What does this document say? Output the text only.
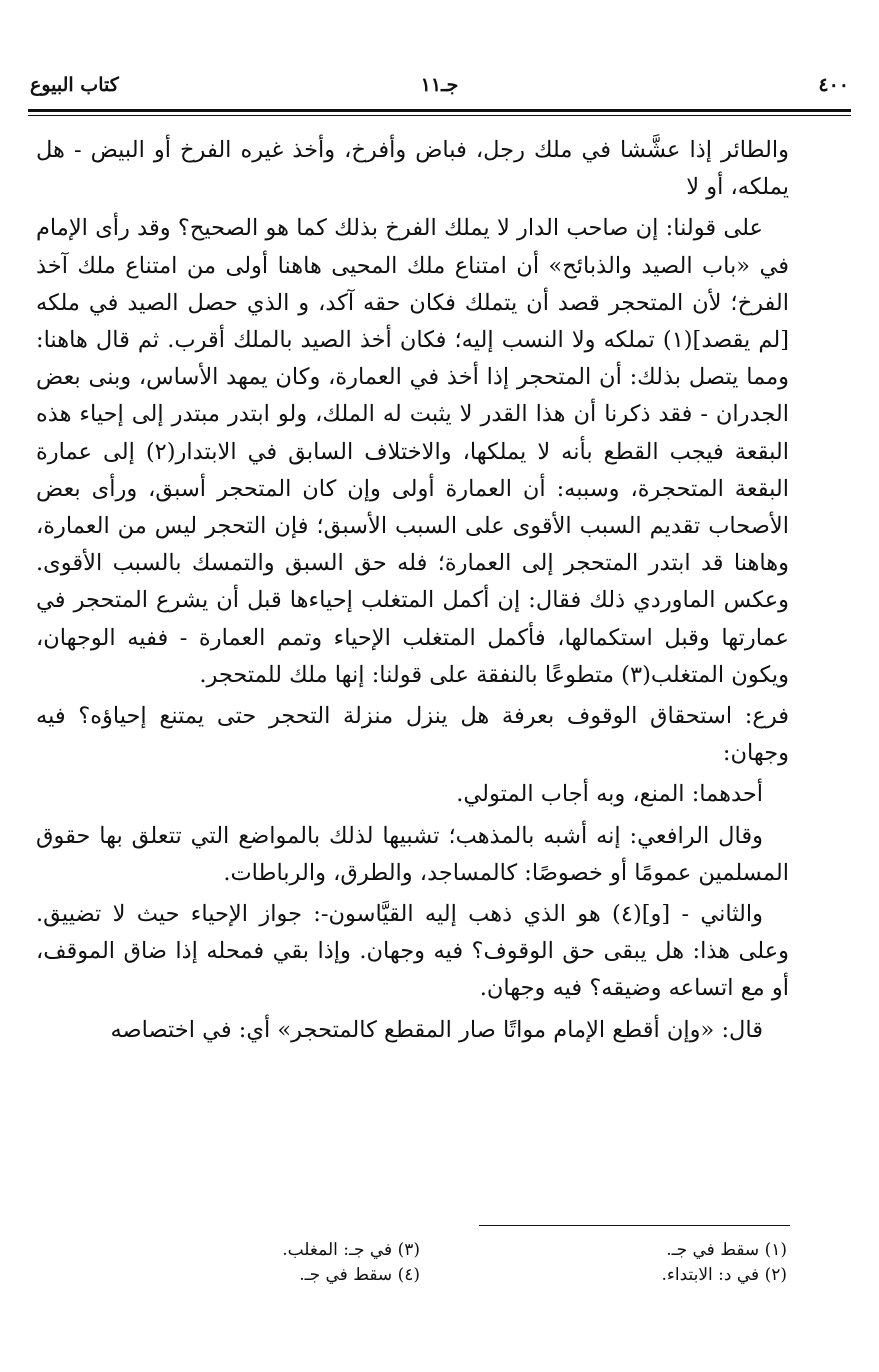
٤٠٠
جـ١١
كتاب البيوع

والطائر إذا عشَّشا في ملك رجل، فباض وأفرخ، وأخذ غيره الفرخ أو البيض - هل يملكه، أو لا

على قولنا: إن صاحب الدار لا يملك الفرخ بذلك كما هو الصحيح؟ وقد رأى الإمام في «باب الصيد والذبائح» أن امتناع ملك المحيى هاهنا أولى من امتناع ملك آخذ الفرخ؛ لأن المتحجر قصد أن يتملك فكان حقه آكد، و الذي حصل الصيد في ملكه [لم يقصد](١) تملكه ولا النسب إليه؛ فكان أخذ الصيد بالملك أقرب. ثم قال هاهنا: ومما يتصل بذلك: أن المتحجر إذا أخذ في العمارة، وكان يمهد الأساس، وبنى بعض الجدران - فقد ذكرنا أن هذا القدر لا يثبت له الملك، ولو ابتدر مبتدر إلى إحياء هذه البقعة فيجب القطع بأنه لا يملكها، والاختلاف السابق في الابتدار(٢) إلى عمارة البقعة المتحجرة، وسببه: أن العمارة أولى وإن كان المتحجر أسبق، ورأى بعض الأصحاب تقديم السبب الأقوى على السبب الأسبق؛ فإن التحجر ليس من العمارة، وهاهنا قد ابتدر المتحجر إلى العمارة؛ فله حق السبق والتمسك بالسبب الأقوى. وعكس الماوردي ذلك فقال: إن أكمل المتغلب إحياءها قبل أن يشرع المتحجر في عمارتها وقبل استكمالها، فأكمل المتغلب الإحياء وتمم العمارة - ففيه الوجهان، ويكون المتغلب(٣) متطوعًا بالنفقة على قولنا: إنها ملك للمتحجر.

فرع: استحقاق الوقوف بعرفة هل ينزل منزلة التحجر حتى يمتنع إحياؤه؟ فيه وجهان:

أحدهما: المنع، وبه أجاب المتولي.

وقال الرافعي: إنه أشبه بالمذهب؛ تشبيها لذلك بالمواضع التي تتعلق بها حقوق المسلمين عمومًا أو خصوصًا: كالمساجد، والطرق، والرباطات.

والثاني - [و](٤) هو الذي ذهب إليه القيَّاسون-: جواز الإحياء حيث لا تضييق. وعلى هذا: هل يبقى حق الوقوف؟ فيه وجهان. وإذا بقي فمحله إذا ضاق الموقف، أو مع اتساعه وضيقه؟ فيه وجهان.

قال: «وإن أقطع الإمام مواتًا صار المقطع كالمتحجر» أي: في اختصاصه

(١) سقط في جـ.
(٢) في د: الابتداء.
(٣) في جـ: المغلب.
(٤) سقط في جـ.
